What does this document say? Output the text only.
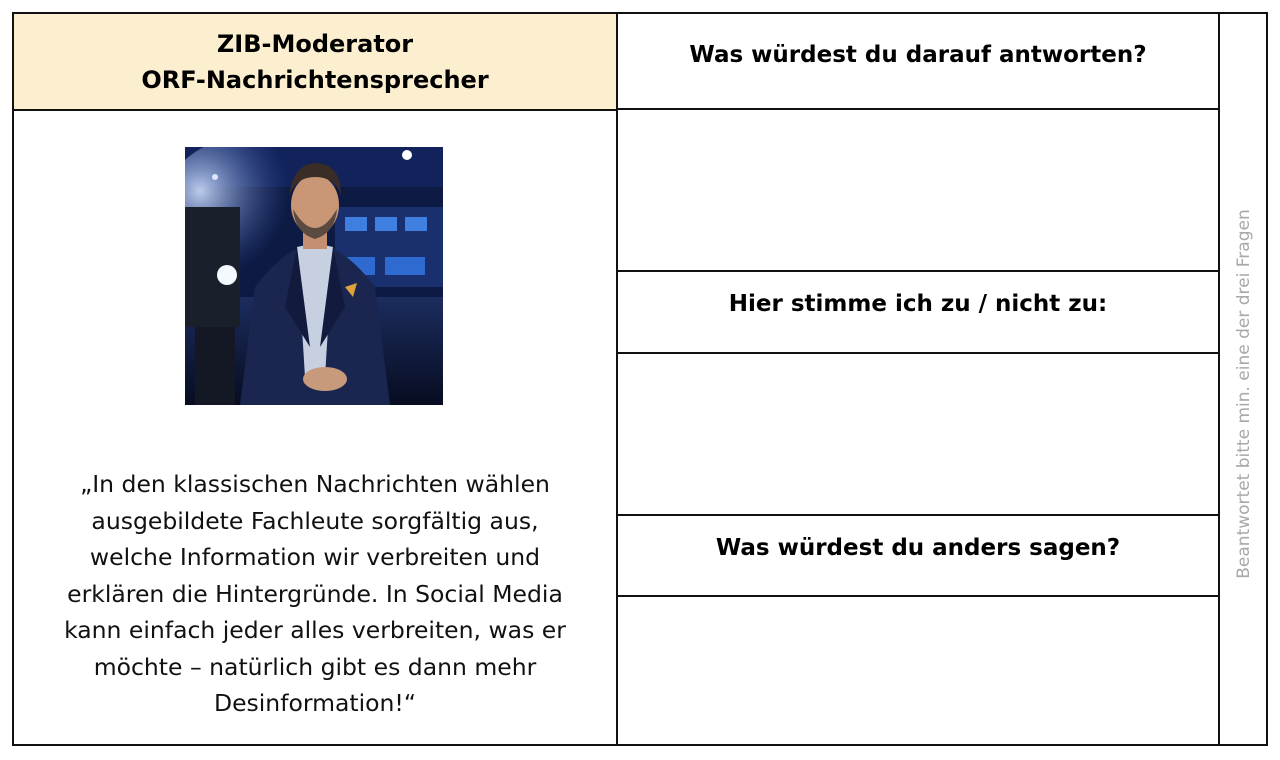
ZIB-Moderator
ORF-Nachrichtensprecher
„In den klassischen Nachrichten wählen
ausgebildete Fachleute sorgfältig aus,
welche Information wir verbreiten und
erklären die Hintergründe. In Social Media
kann einfach jeder alles verbreiten, was er
möchte – natürlich gibt es dann mehr
Desinformation!“
Was würdest du darauf antworten?
Hier stimme ich zu / nicht zu:
Was würdest du anders sagen?	Beantwortet bitte min. eine der drei Fragen
